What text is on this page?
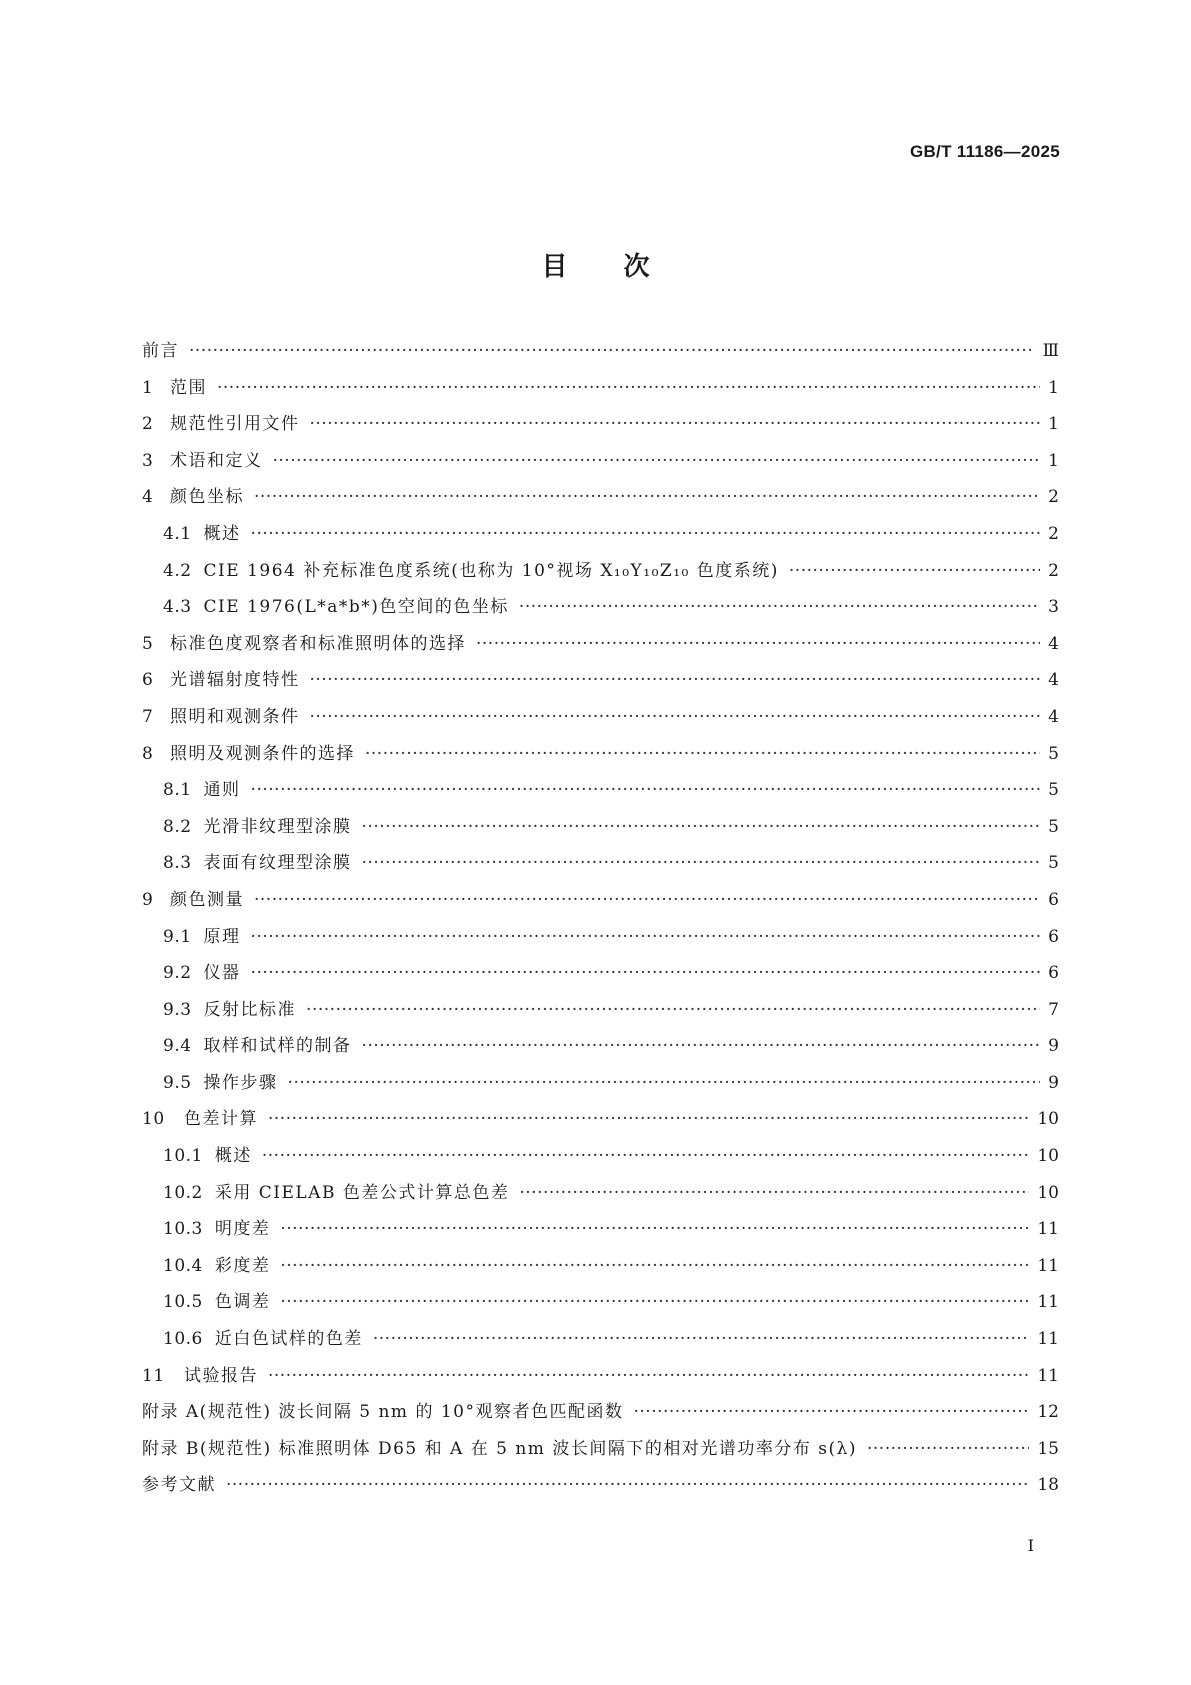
GB/T 11186—2025
目次
前言 ·····	Ⅲ
1 范围 ·····	1
2 规范性引用文件 ·····	1
3 术语和定义 ·····	1
4 颜色坐标 ·····	2
4.1 概述 ·····	2
4.2 CIE 1964 补充标准色度系统(也称为 10°视场 X₁₀Y₁₀Z₁₀ 色度系统) ·····	2
4.3 CIE 1976(L*a*b*)色空间的色坐标 ·····	3
5 标准色度观察者和标准照明体的选择 ·····	4
6 光谱辐射度特性 ·····	4
7 照明和观测条件 ·····	4
8 照明及观测条件的选择 ·····	5
8.1 通则 ·····	5
8.2 光滑非纹理型涂膜 ·····	5
8.3 表面有纹理型涂膜 ·····	5
9 颜色测量 ·····	6
9.1 原理 ·····	6
9.2 仪器 ·····	6
9.3 反射比标准 ·····	7
9.4 取样和试样的制备 ·····	9
9.5 操作步骤 ·····	9
10	色差计算 ·····	10
10.1 概述 ·····	10
10.2 采用 CIELAB 色差公式计算总色差 ·····	10
10.3 明度差 ·····	11
10.4 彩度差 ·····	11
10.5 色调差 ·····	11
10.6 近白色试样的色差 ·····	11
11	试验报告 ·····	11
附录 A(规范性) 波长间隔 5 nm 的 10°观察者色匹配函数 ·····	12
附录 B(规范性) 标准照明体 D65 和 A 在 5 nm 波长间隔下的相对光谱功率分布 s(λ) ·····	15
参考文献 ·····	18
Ⅰ
